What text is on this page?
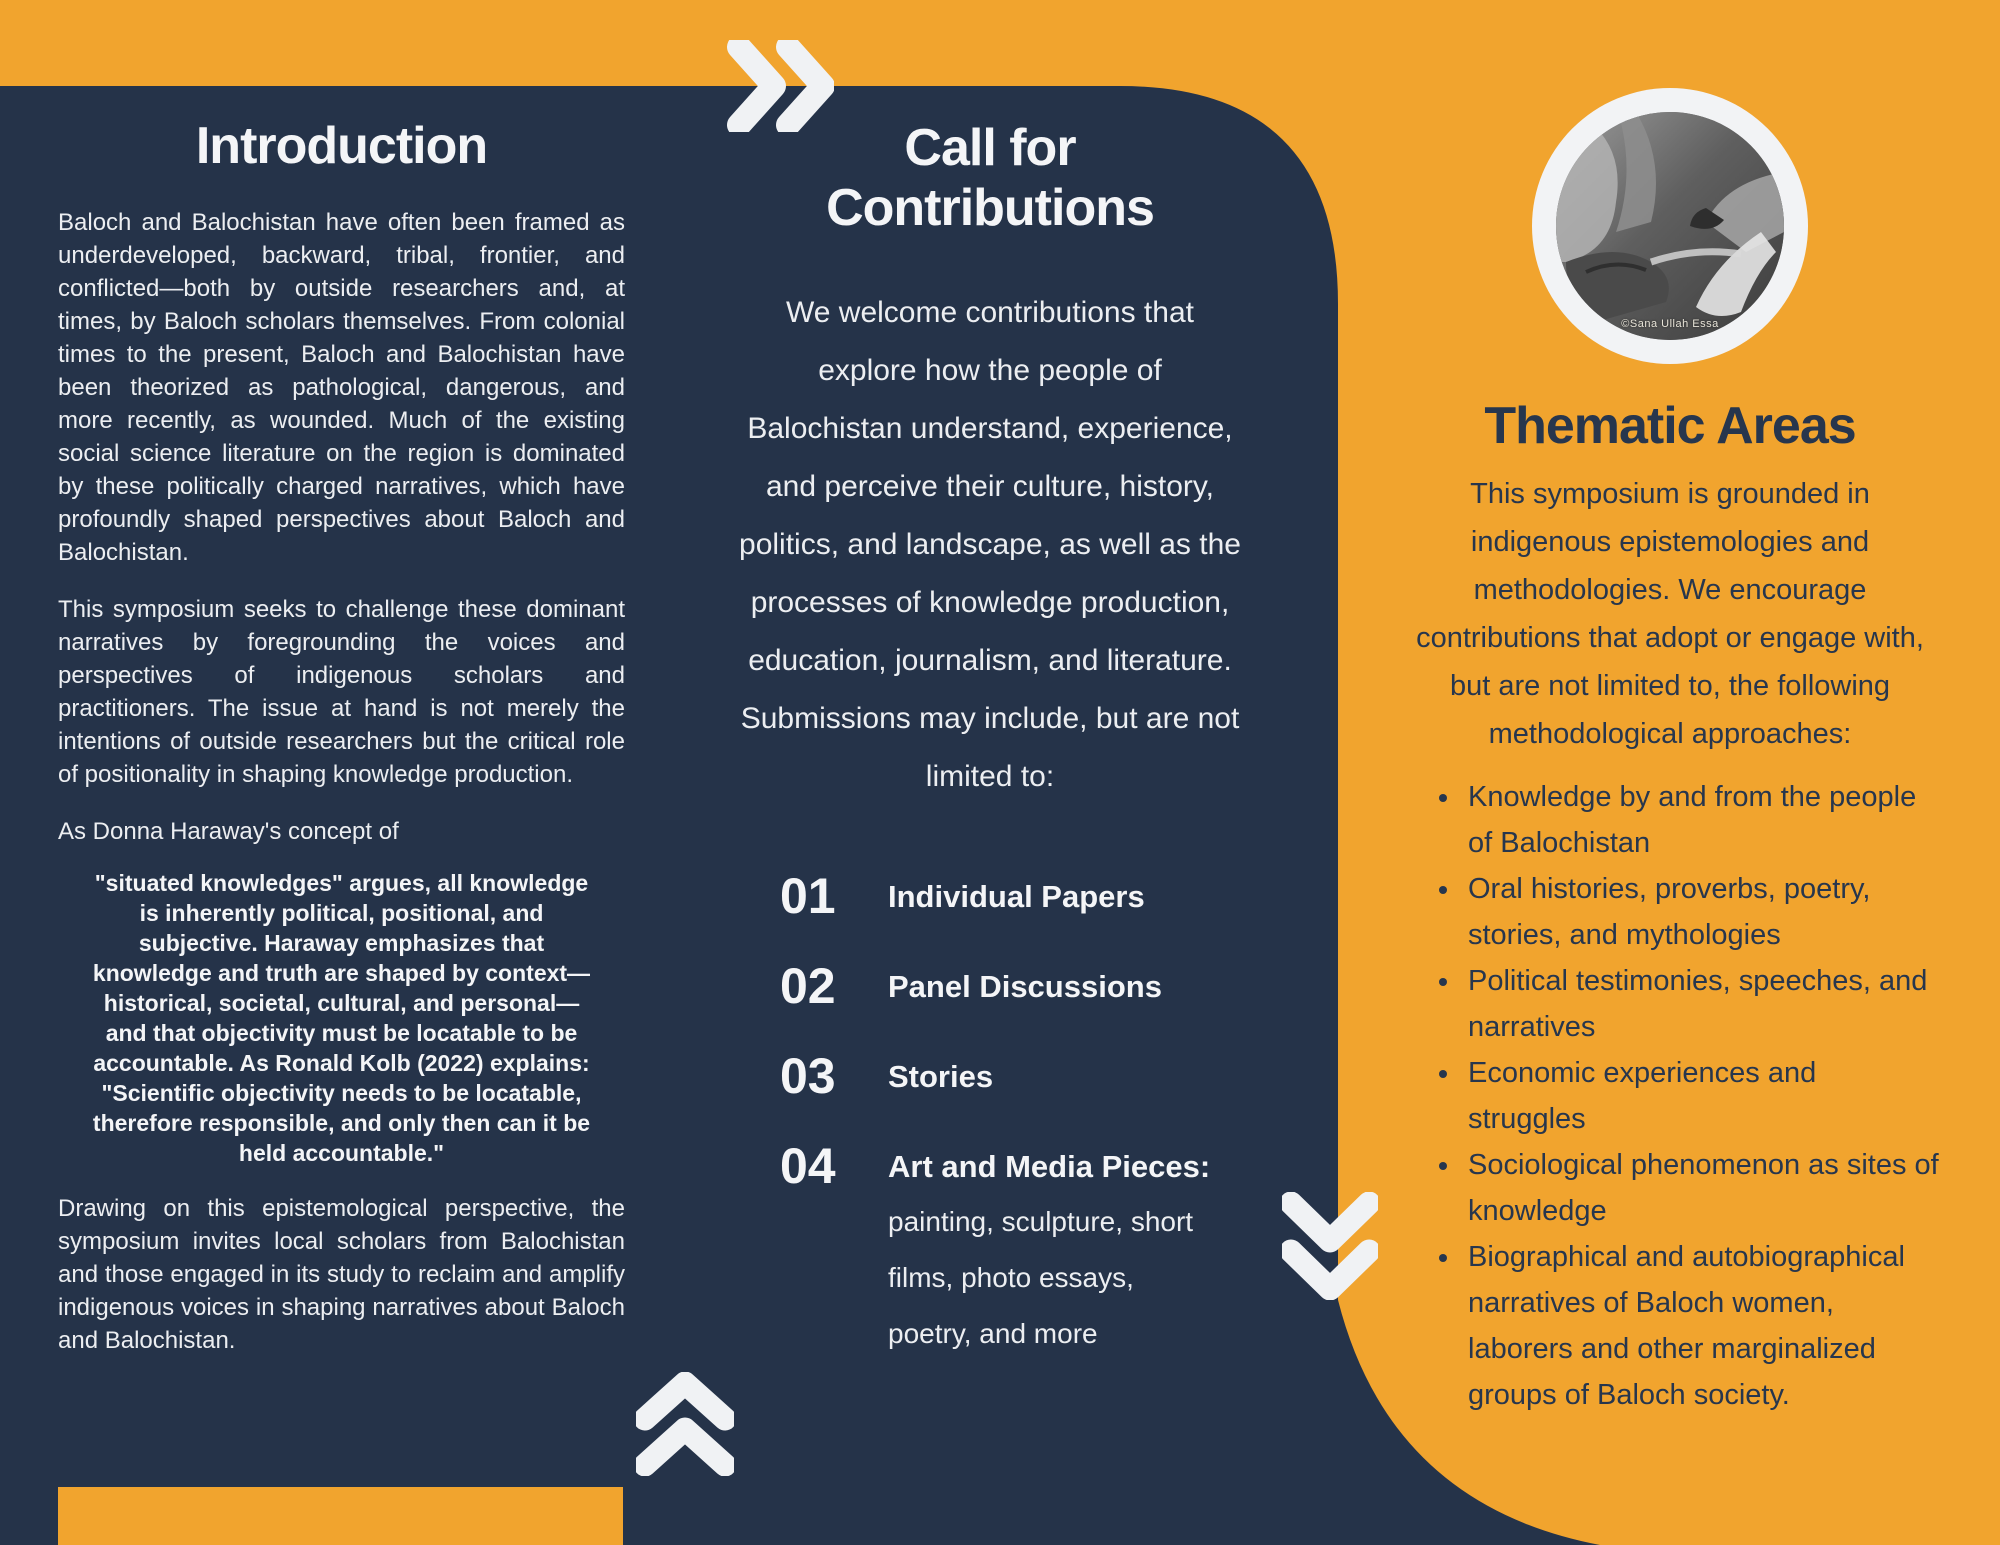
Introduction

Baloch and Balochistan have often been framed as underdeveloped, backward, tribal, frontier, and conflicted—both by outside researchers and, at times, by Baloch scholars themselves. From colonial times to the present, Baloch and Balochistan have been theorized as pathological, dangerous, and more recently, as wounded. Much of the existing social science literature on the region is dominated by these politically charged narratives, which have profoundly shaped perspectives about Baloch and Balochistan.

This symposium seeks to challenge these dominant narratives by foregrounding the voices and perspectives of indigenous scholars and practitioners. The issue at hand is not merely the intentions of outside researchers but the critical role of positionality in shaping knowledge production.

As Donna Haraway's concept of

"situated knowledges" argues, all knowledge is inherently political, positional, and subjective. Haraway emphasizes that knowledge and truth are shaped by context—historical, societal, cultural, and personal—and that objectivity must be locatable to be accountable. As Ronald Kolb (2022) explains: "Scientific objectivity needs to be locatable, therefore responsible, and only then can it be held accountable."

Drawing on this epistemological perspective, the symposium invites local scholars from Balochistan and those engaged in its study to reclaim and amplify indigenous voices in shaping narratives about Baloch and Balochistan.

Call for Contributions

We welcome contributions that explore how the people of Balochistan understand, experience, and perceive their culture, history, politics, and landscape, as well as the processes of knowledge production, education, journalism, and literature. Submissions may include, but are not limited to:

01	Individual Papers
02	Panel Discussions
03	Stories
04	Art and Media Pieces:
painting, sculpture, short films, photo essays, poetry, and more
©Sana Ullah Essa
Thematic Areas

This symposium is grounded in indigenous epistemologies and methodologies. We encourage contributions that adopt or engage with, but are not limited to, the following methodological approaches:

• Knowledge by and from the people of Balochistan
• Oral histories, proverbs, poetry, stories, and mythologies
• Political testimonies, speeches, and narratives
• Economic experiences and struggles
• Sociological phenomenon as sites of knowledge
• Biographical and autobiographical narratives of Baloch women, laborers and other marginalized groups of Baloch society.
